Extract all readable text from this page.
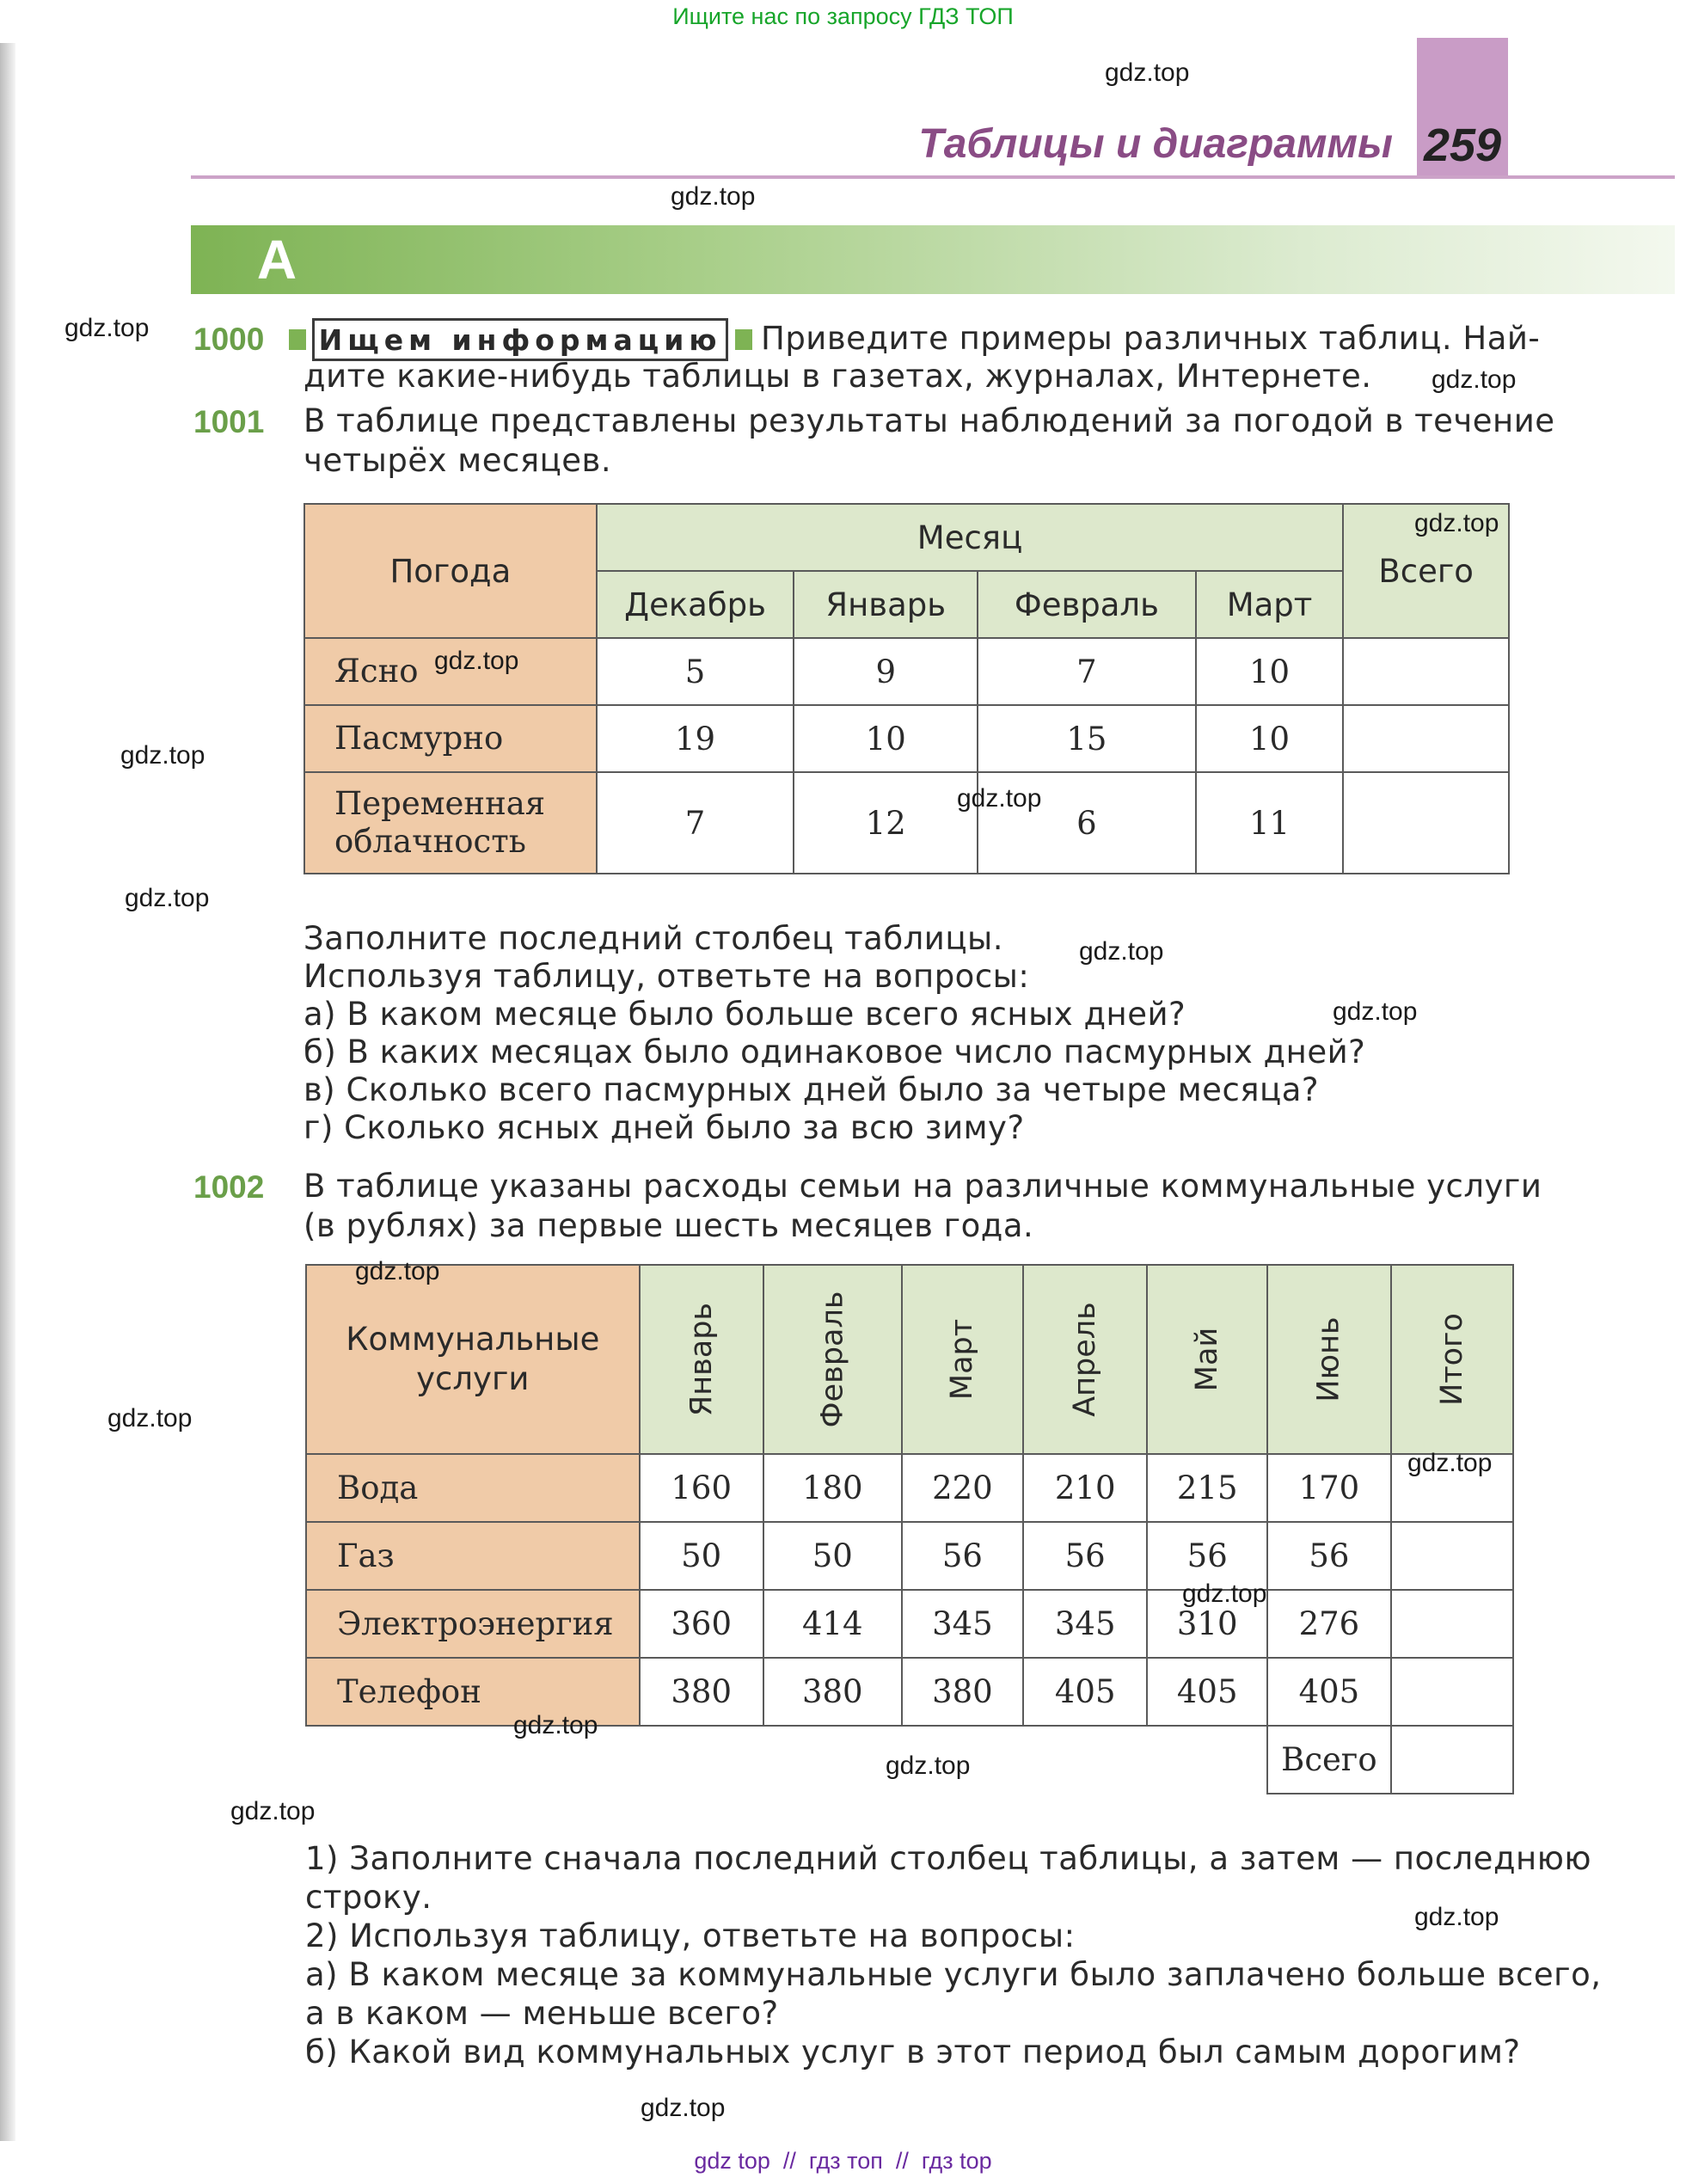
Ищите нас по запросу ГДЗ ТОП
Таблицы и диаграммы 259
А
1000 Ищем информацию Приведите примеры различных таблиц. Най-
дите какие-нибудь таблицы в газетах, журналах, Интернете.
1001 В таблице представлены результаты наблюдений за погодой в течение
четырёх месяцев.
Погода	Месяц				Всего
	Декабрь	Январь	Февраль	Март	
Ясно	5	9	7	10	
Пасмурно	19	10	15	10	

Переменная
облачность	7	12	6	11	
Заполните последний столбец таблицы.
Используя таблицу, ответьте на вопросы:
а) В каком месяце было больше всего ясных дней?
б) В каких месяцах было одинаковое число пасмурных дней?
в) Сколько всего пасмурных дней было за четыре месяца?
г) Сколько ясных дней было за всю зиму?
1002 В таблице указаны расходы семьи на различные коммунальные услуги
(в рублях) за первые шесть месяцев года.
Коммунальные
услуги	Январь	Февраль	Март	Апрель	Май	Июнь	Итого
Вода	160	180	220	210	215	170	
Газ	50	50	56	56	56	56	
Электроэнергия	360	414	345	345	310	276	
Телефон	380	380	380	405	405	405	
						Всего	
1) Заполните сначала последний столбец таблицы, а затем — последнюю
строку.
2) Используя таблицу, ответьте на вопросы:
а) В каком месяце за коммунальные услуги было заплачено больше всего,
а в каком — меньше всего?
б) Какой вид коммунальных услуг в этот период был самым дорогим?
gdz.top
gdz.top
gdz.top
gdz.top
gdz.top
gdz.top
gdz.top
gdz.top
gdz.top
gdz.top
gdz.top
gdz.top
gdz.top
gdz.top
gdz.top
gdz.top
gdz.top
gdz.top
gdz.top
gdz.top
gdz top  //  гдз топ  //  гдз top
